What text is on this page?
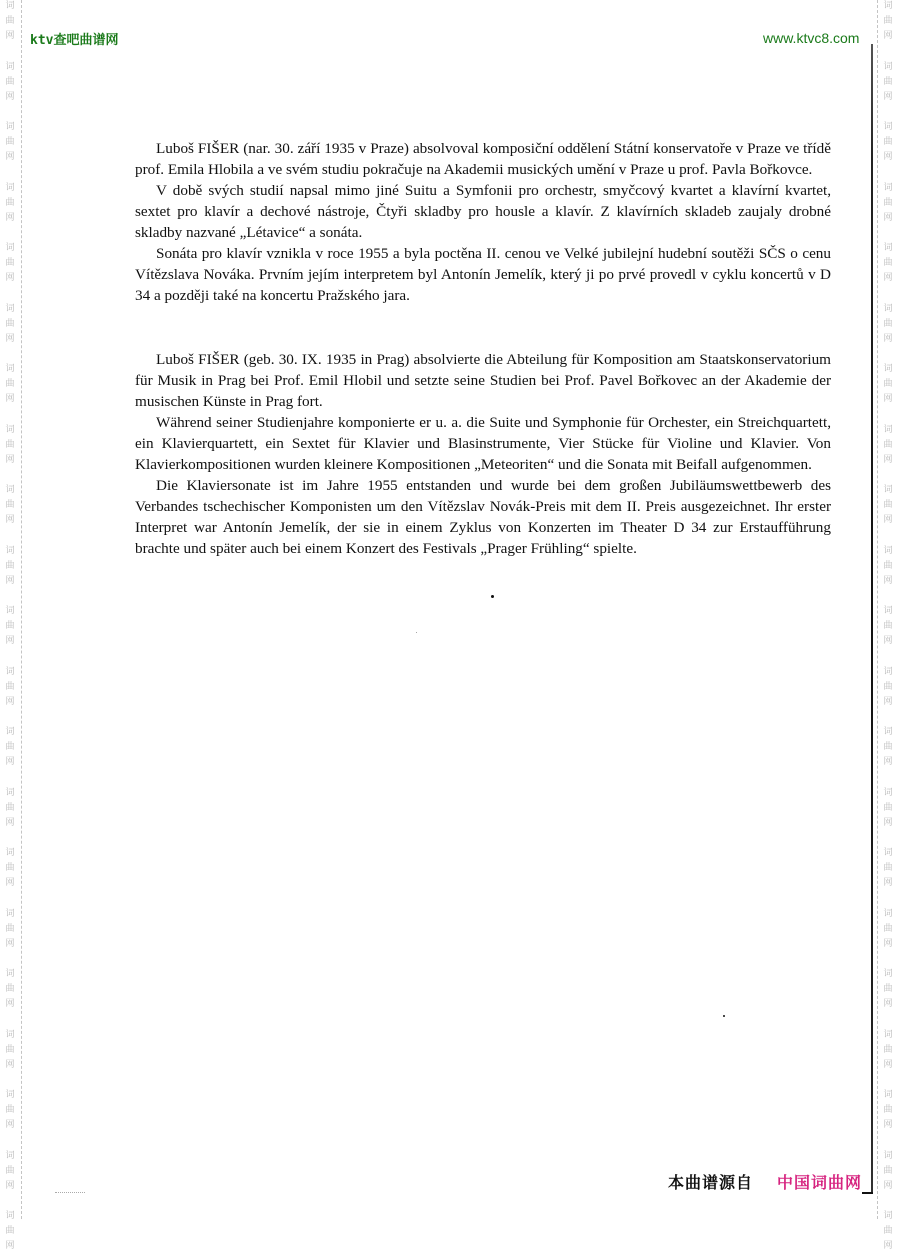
词
曲
网
词
曲
网
词
曲
网
词
曲
网
词
曲
网
词
曲
网
词
曲
网
词
曲
网
词
曲
网
词
曲
网
词
曲
网
词
曲
网
词
曲
网
词
曲
网
词
曲
网
词
曲
网
词
曲
网
词
曲
网
词
曲
网
词
曲
网
词
曲
网
词
曲
网
词
曲
网
词
曲
网
词
曲
网
词
曲
网
词
曲
网
词
曲
网
词
曲
网
词
曲
网
词
曲
网
词
曲
网
词
曲
网
词
曲
网
词
曲
网
词
曲
网
词
曲
网
词
曲
网
词
曲
网
词
曲
网
词
曲
网
词
曲
网
ktv查吧曲谱网	www.ktvc8.com

Luboš FIŠER (nar. 30. září 1935 v Praze) absolvoval komposiční oddělení Státní konservatoře v Praze ve třídě prof. Emila Hlobila a ve svém studiu pokračuje na Akademii musických umění v Praze u prof. Pavla Bořkovce.

V době svých studií napsal mimo jiné Suitu a Symfonii pro orchestr, smyčcový kvartet a klavírní kvartet, sextet pro klavír a dechové nástroje, Čtyři skladby pro housle a klavír. Z klavírních skladeb zaujaly drobné skladby nazvané „Létavice“ a sonáta.

Sonáta pro klavír vznikla v roce 1955 a byla poctěna II. cenou ve Velké jubilejní hudební soutěži SČS o cenu Vítězslava Nováka. Prvním jejím interpretem byl Antonín Jemelík, který ji po prvé provedl v cyklu koncertů v D 34 a později také na koncertu Pražského jara.

Luboš FIŠER (geb. 30. IX. 1935 in Prag) absolvierte die Abteilung für Komposition am Staatskonservatorium für Musik in Prag bei Prof. Emil Hlobil und setzte seine Studien bei Prof. Pavel Bořkovec an der Akademie der musischen Künste in Prag fort.

Während seiner Studienjahre komponierte er u. a. die Suite und Symphonie für Orchester, ein Streichquartett, ein Klavierquartett, ein Sextet für Klavier und Blasinstrumente, Vier Stücke für Violine und Klavier. Von Klavierkompositionen wurden kleinere Kompositionen „Meteoriten“ und die Sonata mit Beifall aufgenommen.

Die Klaviersonate ist im Jahre 1955 entstanden und wurde bei dem großen Jubiläumswettbewerb des Verbandes tschechischer Komponisten um den Vítězslav Novák-Preis mit dem II. Preis ausgezeichnet. Ihr erster Interpret war Antonín Jemelík, der sie in einem Zyklus von Konzerten im Theater D 34 zur Erstaufführung brachte und später auch bei einem Konzert des Festivals „Prager Frühling“ spielte.

本曲谱源自 中国词曲网
